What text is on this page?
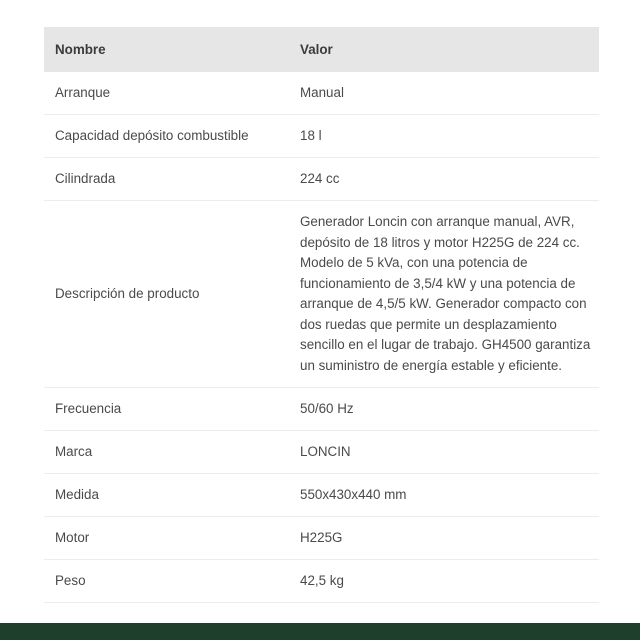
Nombre	Valor
Arranque	Manual
Capacidad depósito combustible	18 l
Cilindrada	224 cc
Descripción de producto	Generador Loncin con arranque manual, AVR, depósito de 18 litros y motor H225G de 224 cc. Modelo de 5 kVa, con una potencia de funcionamiento de 3,5/4 kW y una potencia de arranque de 4,5/5 kW. Generador compacto con dos ruedas que permite un desplazamiento sencillo en el lugar de trabajo. GH4500 garantiza un suministro de energía estable y eficiente.
Frecuencia	50/60 Hz
Marca	LONCIN
Medida	550x430x440 mm
Motor	H225G
Peso	42,5 kg
